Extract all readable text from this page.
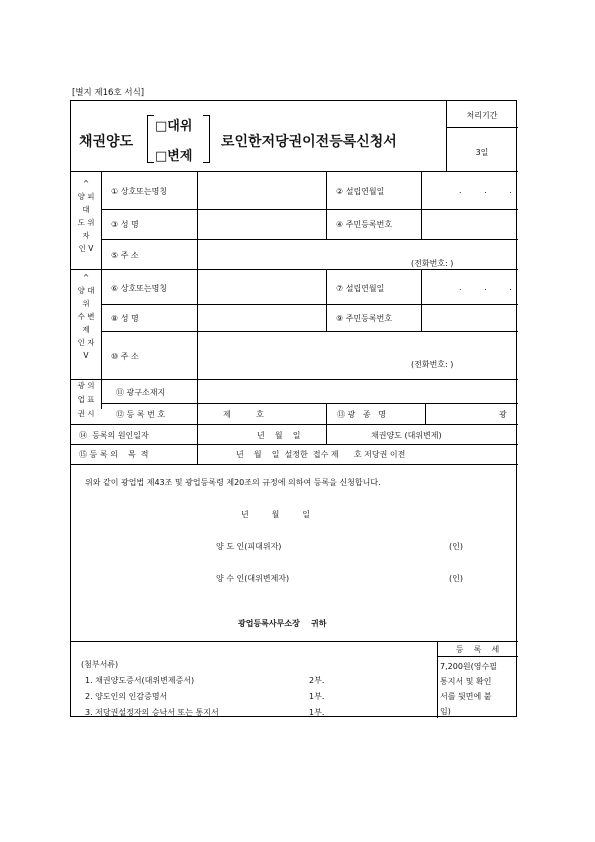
[별지 제16호 서식]
채권양도
□대위
□변제
로인한저당권이전등록신청서
처리기간
3일
^
양 피
대
도 위
자
인 V
① 상호또는명칭	② 설립연월일	. . .
③ 성 명	④ 주민등록번호
⑤ 주 소
(전화번호: )
^
양 대
위
수 변
제
인 자
V
⑥ 상호또는명칭	⑦ 설립연월일	. . .
⑧ 성 명	⑨ 주민등록번호
⑩ 주 소
(전화번호: )
광 의
업 표
권 시
⑪ 광구소재지
⑫ 등 록 번 호	제          호	⑬ 광   종   명	광
⑭  등록의 원인일자	년    월    일	채권양도 (대위변제)
⑮ 등 록 의    목  적	년    월    일  설정한  접수 제      호 저당권 이전
위와 같이 광업법 제43조 및 광업등록령 제20조의 규정에 의하여 등록을 신청합니다.
년         월         일
양 도 인(피대위자)	(인)
양 수 인(대위변제자)	(인)
광업등록사무소장    귀하
(첨부서류)
1. 채권양도증서(대위변제증서)	2부.
2. 양도인의 인감증명서	1부.
3. 저당권설정자의 승낙서 또는 통지서	1부.
등    록    세
7,200원(영수필
통지서 및 확인
서를 뒷면에 붙
임)
